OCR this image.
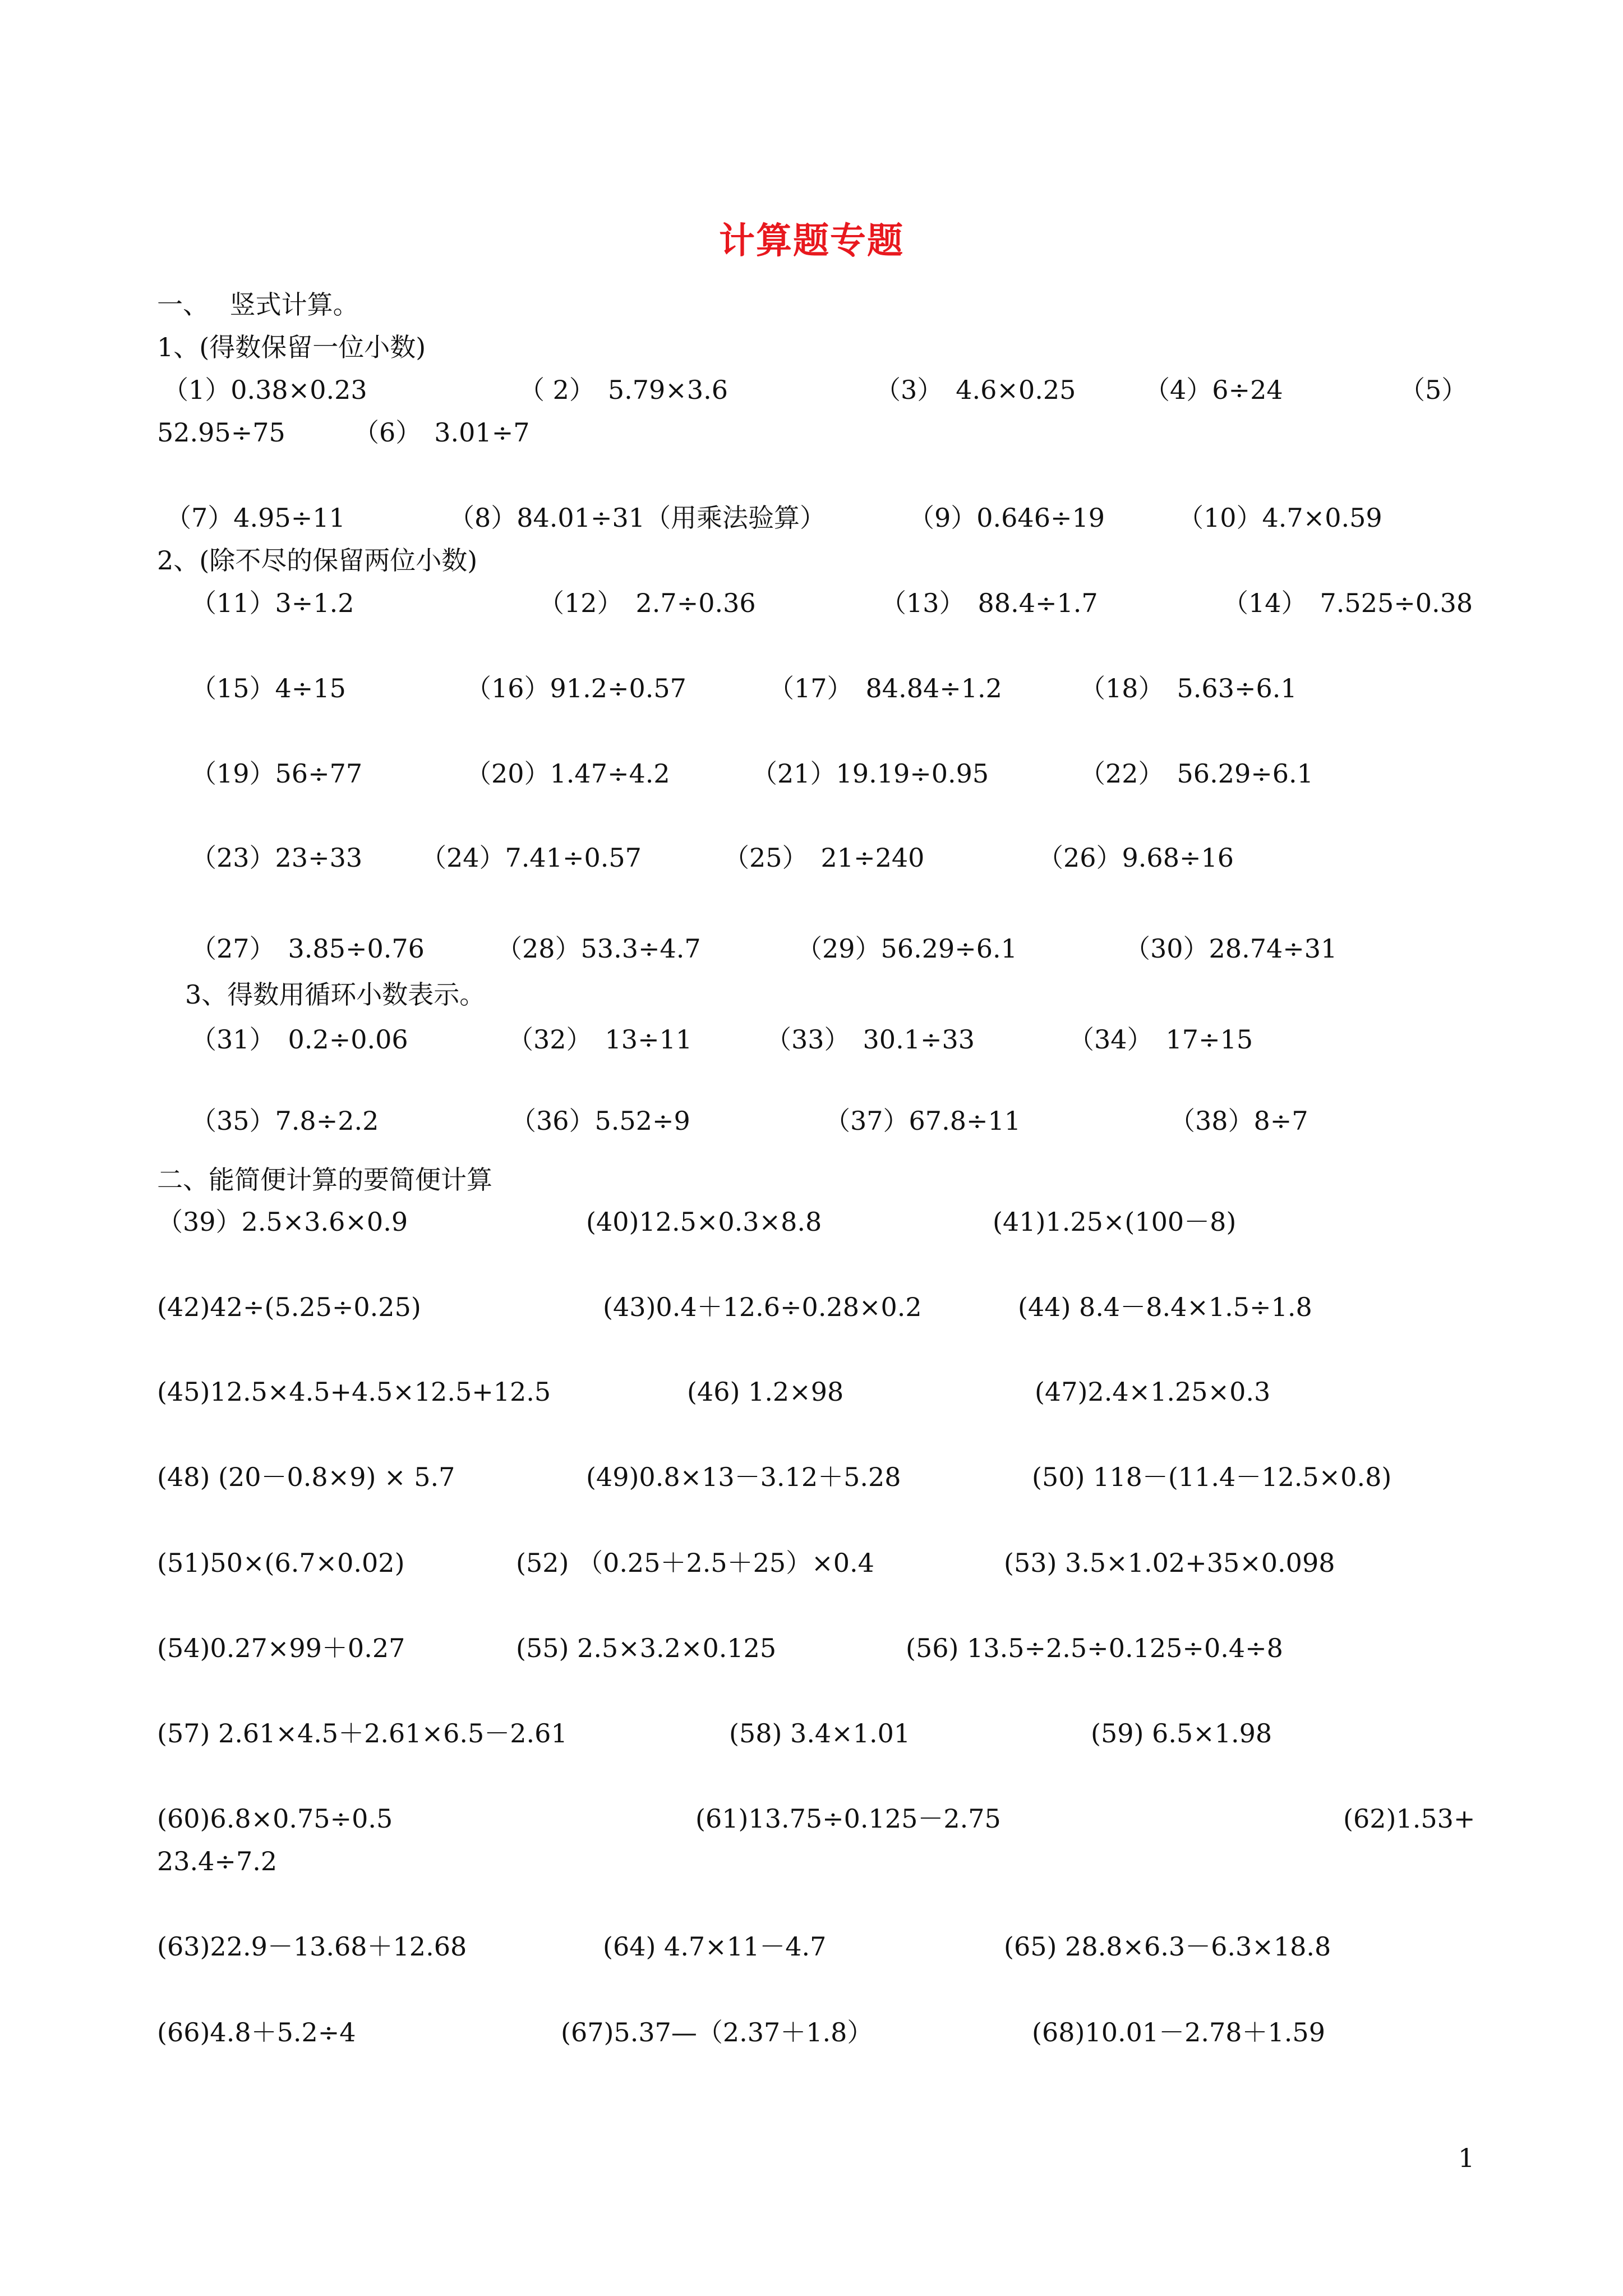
计算题专题
一、　 竖式计算。
1、(得数保留一位小数)
（1）0.38×0.23	（ 2）　5.79×3.6	（3）　4.6×0.25	（4）6÷24	（5）
52.95÷75	（6）　3.01÷7
（7）4.95÷11	（8）84.01÷31（用乘法验算）	（9）0.646÷19	（10）4.7×0.59
2、(除不尽的保留两位小数)
（11）3÷1.2	（12）　2.7÷0.36	（13）　88.4÷1.7	（14）　7.525÷0.38
（15）4÷15	（16）91.2÷0.57	（17）　84.84÷1.2	（18）　5.63÷6.1
（19）56÷77	（20）1.47÷4.2	（21）19.19÷0.95	（22）　56.29÷6.1
（23）23÷33 （24）7.41÷0.57	（25）　21÷240	（26）9.68÷16
（27）　3.85÷0.76	（28）53.3÷4.7	（29）56.29÷6.1	（30）28.74÷31
3、得数用循环小数表示。
（31）　0.2÷0.06	（32）　13÷11	（33）　30.1÷33	（34）　17÷15
（35）7.8÷2.2	（36）5.52÷9	（37）67.8÷11	（38）8÷7
二、能简便计算的要简便计算
（39）2.5×3.6×0.9	(40)12.5×0.3×8.8	(41)1.25×(100－8)
(42)42÷(5.25÷0.25)	(43)0.4＋12.6÷0.28×0.2	(44) 8.4－8.4×1.5÷1.8
(45)12.5×4.5+4.5×12.5+12.5	(46) 1.2×98	(47)2.4×1.25×0.3
(48) (20－0.8×9) × 5.7	(49)0.8×13－3.12＋5.28	(50) 118－(11.4－12.5×0.8)
(51)50×(6.7×0.02)	(52) （0.25＋2.5＋25）×0.4	(53) 3.5×1.02+35×0.098
(54)0.27×99＋0.27	(55) 2.5×3.2×0.125	(56) 13.5÷2.5÷0.125÷0.4÷8
(57) 2.61×4.5＋2.61×6.5－2.61	(58) 3.4×1.01	(59) 6.5×1.98
(60)6.8×0.75÷0.5	(61)13.75÷0.125－2.75	(62)1.53+
23.4÷7.2
(63)22.9－13.68＋12.68	(64) 4.7×11－4.7	(65) 28.8×6.3－6.3×18.8
(66)4.8＋5.2÷4	(67)5.37—（2.37＋1.8）	(68)10.01－2.78＋1.59
1
